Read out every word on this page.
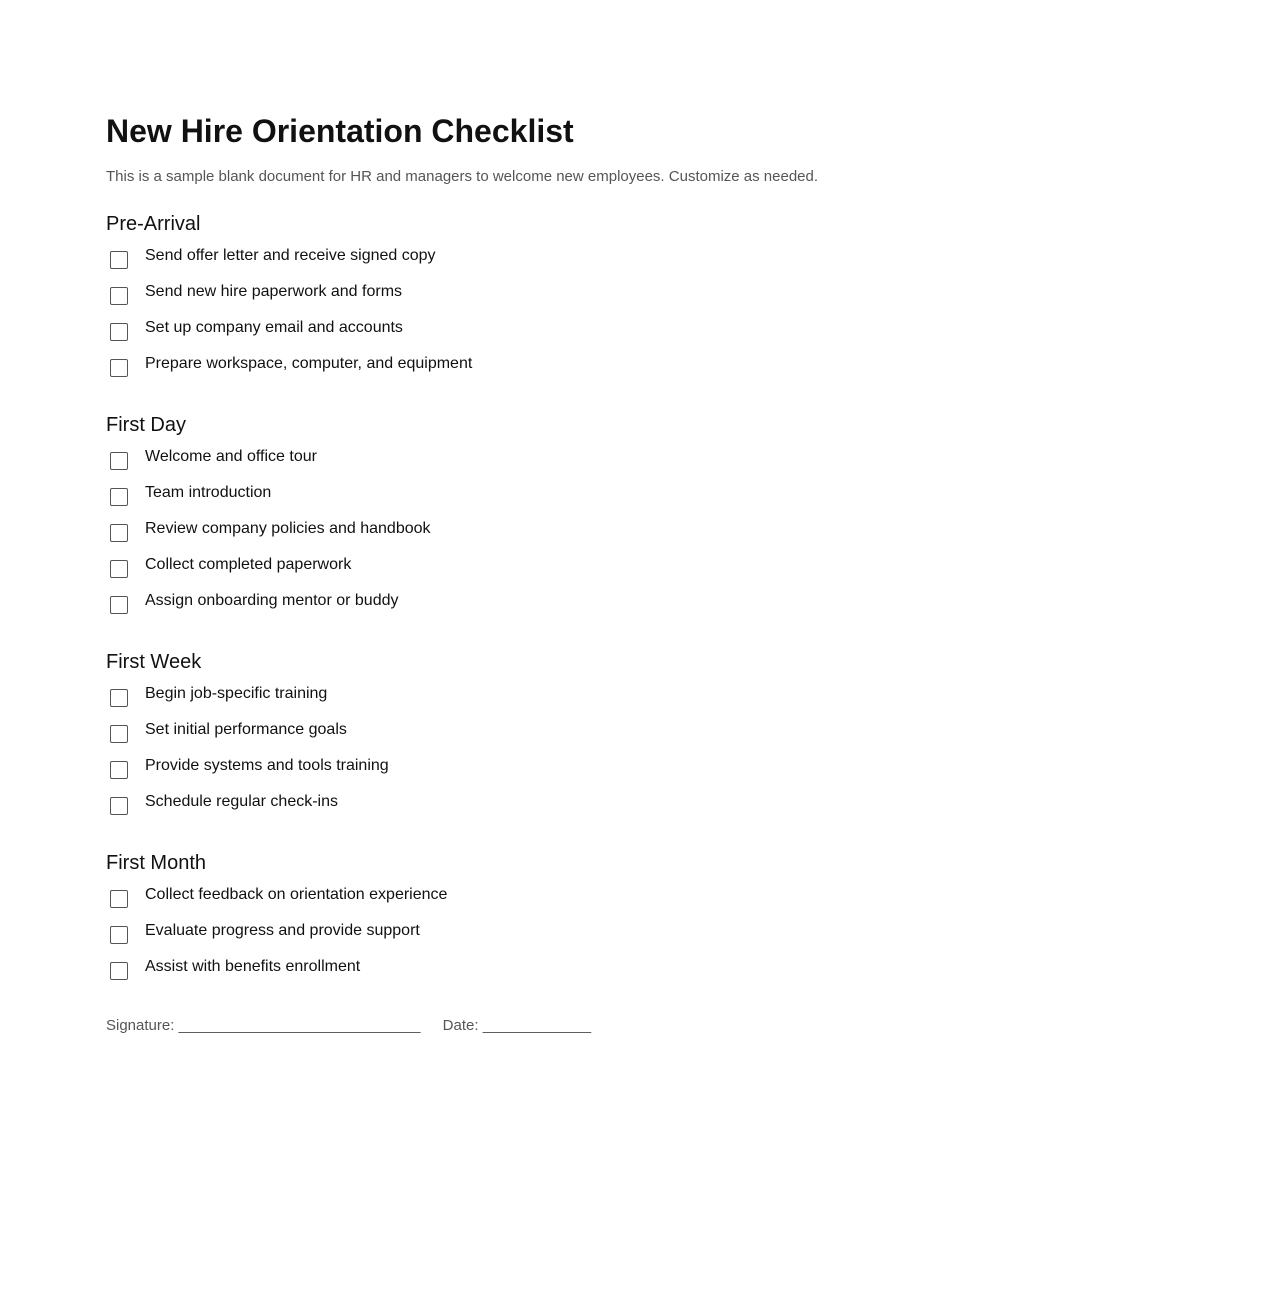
New Hire Orientation Checklist

This is a sample blank document for HR and managers to welcome new employees. Customize as needed.

Pre-Arrival
Send offer letter and receive signed copy
Send new hire paperwork and forms
Set up company email and accounts
Prepare workspace, computer, and equipment
First Day
Welcome and office tour
Team introduction
Review company policies and handbook
Collect completed paperwork
Assign onboarding mentor or buddy
First Week
Begin job-specific training
Set initial performance goals
Provide systems and tools training
Schedule regular check-ins
First Month
Collect feedback on orientation experience
Evaluate progress and provide support
Assist with benefits enrollment
Signature: _____________________________ Date: _____________
